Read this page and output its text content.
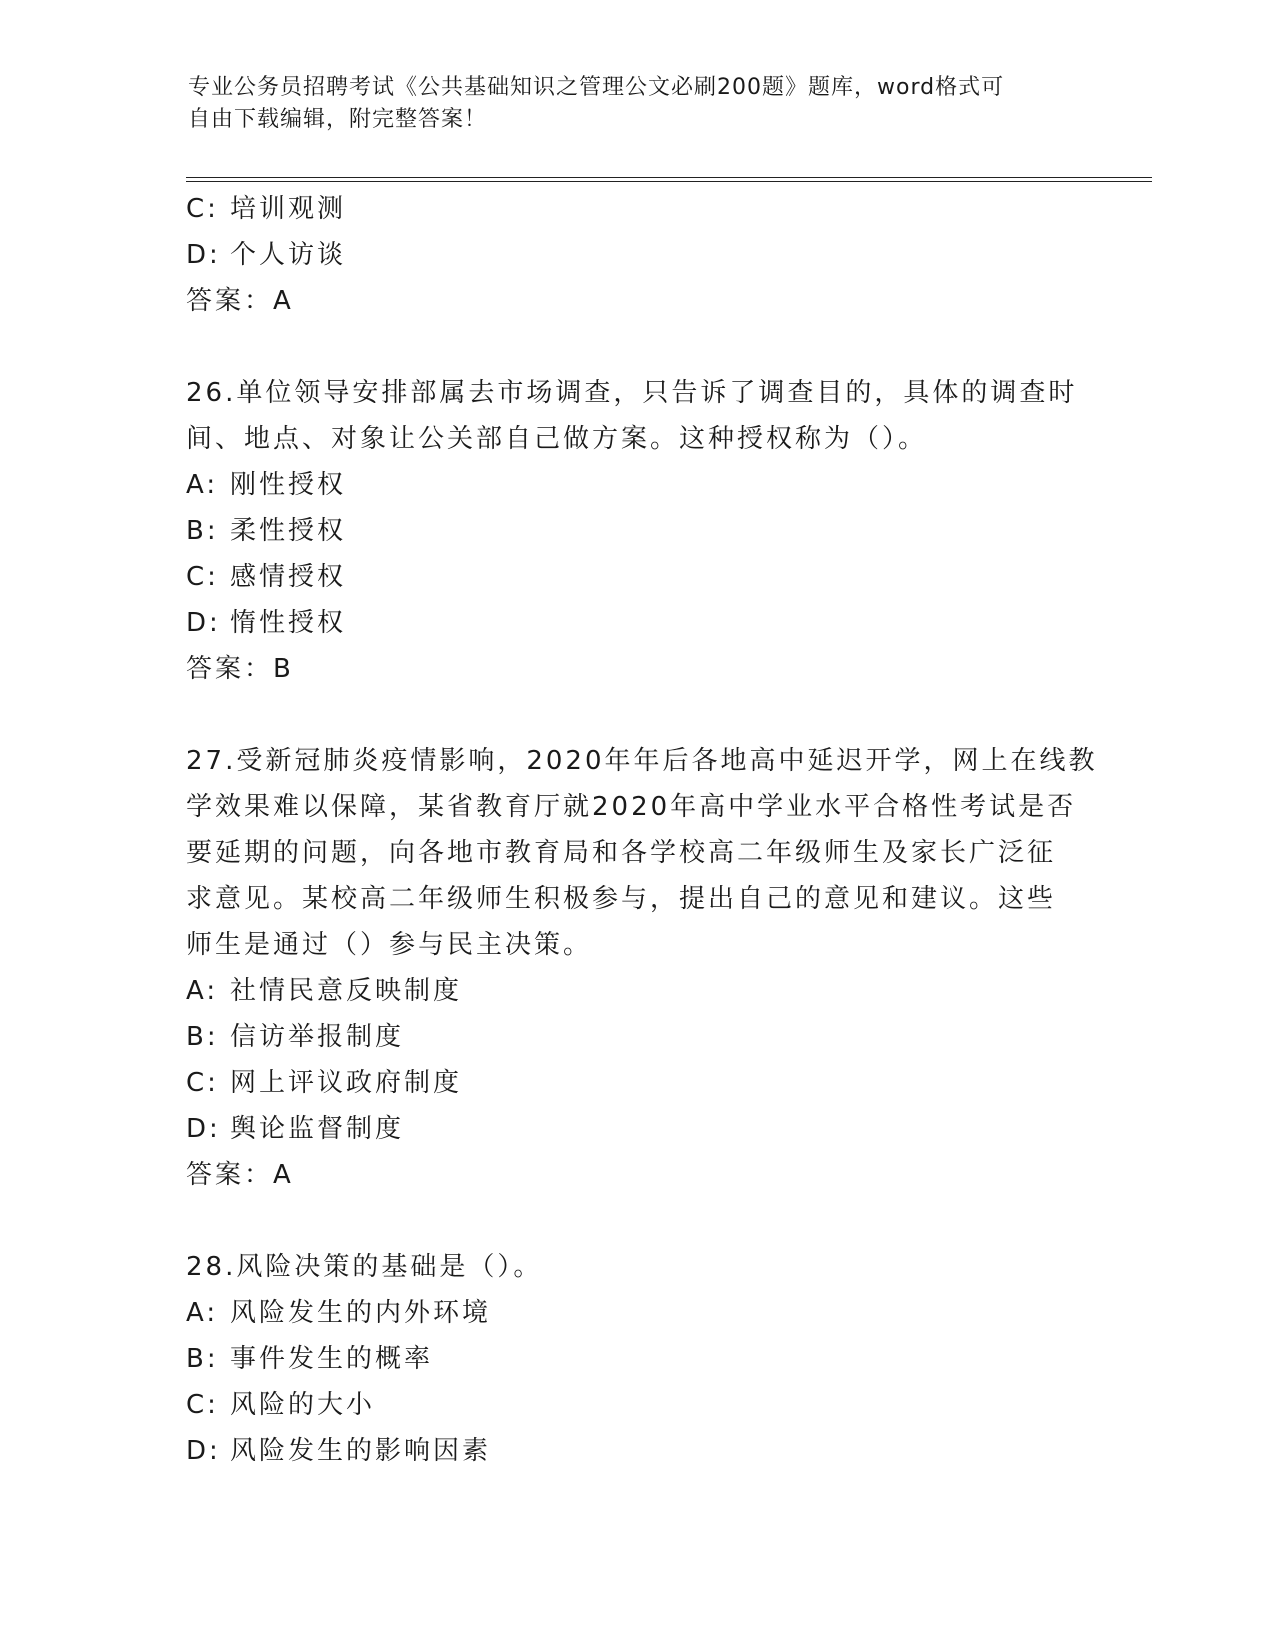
专业公务员招聘考试《公共基础知识之管理公文必刷200题》题库，word格式可
自由下载编辑，附完整答案！
C: 培训观测
D: 个人访谈
答案：A
26.单位领导安排部属去市场调查，只告诉了调查目的，具体的调查时
间、地点、对象让公关部自己做方案。这种授权称为（）。
A: 刚性授权
B: 柔性授权
C: 感情授权
D: 惰性授权
答案：B
27.受新冠肺炎疫情影响，2020年年后各地高中延迟开学，网上在线教
学效果难以保障，某省教育厅就2020年高中学业水平合格性考试是否
要延期的问题，向各地市教育局和各学校高二年级师生及家长广泛征
求意见。某校高二年级师生积极参与，提出自己的意见和建议。这些
师生是通过（）参与民主决策。
A: 社情民意反映制度
B: 信访举报制度
C: 网上评议政府制度
D: 舆论监督制度
答案：A
28.风险决策的基础是（）。
A: 风险发生的内外环境
B: 事件发生的概率
C: 风险的大小
D: 风险发生的影响因素
